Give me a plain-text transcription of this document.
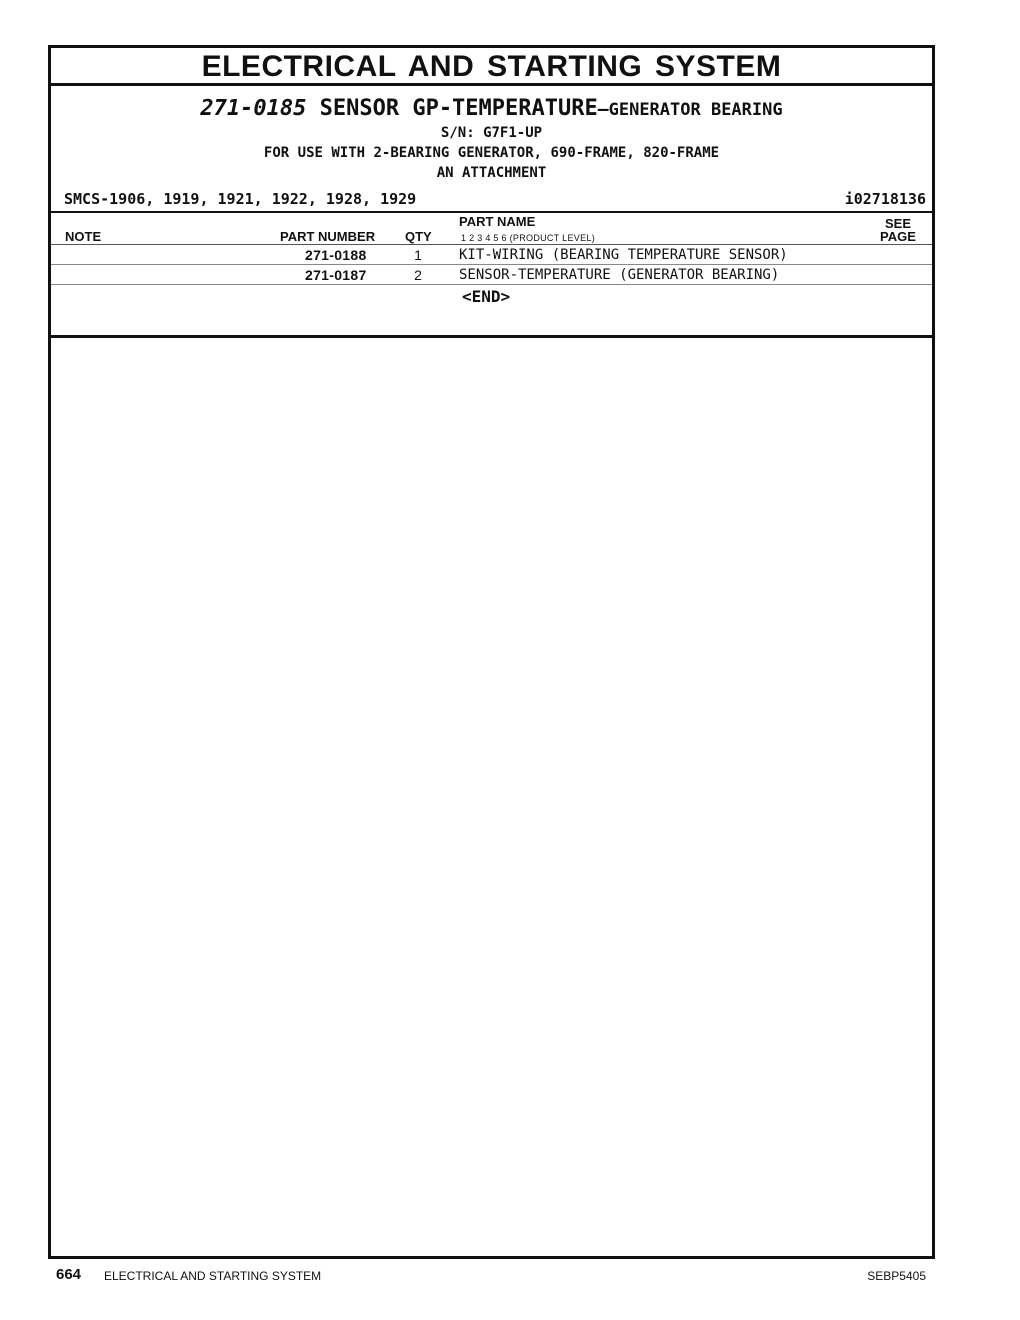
ELECTRICAL AND STARTING SYSTEM
271-0185 SENSOR GP-TEMPERATURE—GENERATOR BEARING
S/N: G7F1-UP
FOR USE WITH 2-BEARING GENERATOR, 690-FRAME, 820-FRAME
AN ATTACHMENT
SMCS-1906, 1919, 1921, 1922, 1928, 1929	i02718136
NOTE	PART NUMBER QTY
PART NAME
1 2 3 4 5 6 (PRODUCT LEVEL)
SEE
PAGE
271-0188	1	KIT-WIRING (BEARING TEMPERATURE SENSOR)
271-0187	2	SENSOR-TEMPERATURE (GENERATOR BEARING)
<END>
664 ELECTRICAL AND STARTING SYSTEM	SEBP5405
